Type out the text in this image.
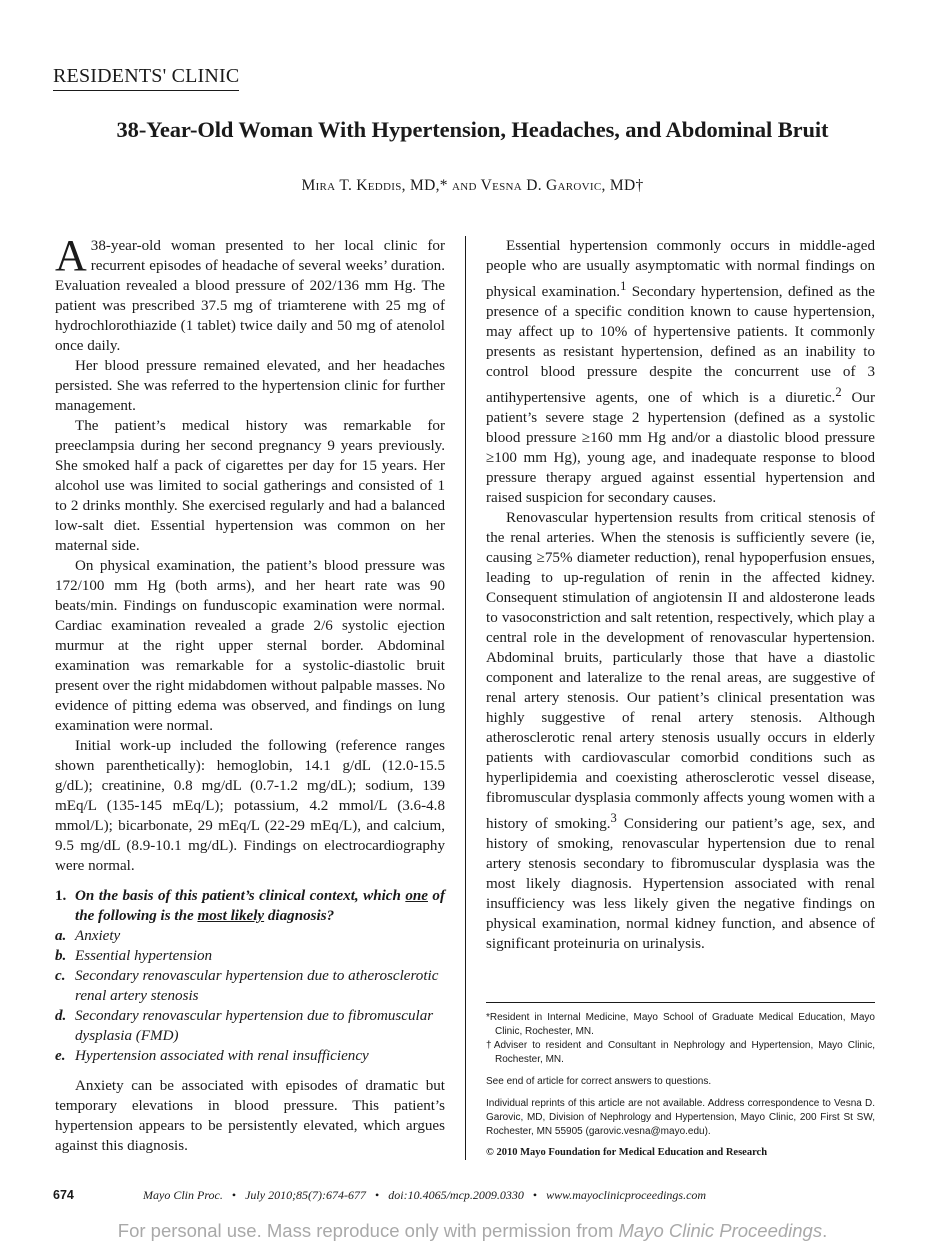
RESIDENTS' CLINIC
38-Year-Old Woman With Hypertension, Headaches, and Abdominal Bruit
Mira T. Keddis, MD,* and Vesna D. Garovic, MD†

A 38-year-old woman presented to her local clinic for recurrent episodes of headache of several weeks’ duration. Evaluation revealed a blood pressure of 202/136 mm Hg. The patient was prescribed 37.5 mg of triamterene with 25 mg of hydrochlorothiazide (1 tablet) twice daily and 50 mg of atenolol once daily.

Her blood pressure remained elevated, and her headaches persisted. She was referred to the hypertension clinic for further management.

The patient’s medical history was remarkable for preeclampsia during her second pregnancy 9 years previously. She smoked half a pack of cigarettes per day for 15 years. Her alcohol use was limited to social gatherings and consisted of 1 to 2 drinks monthly. She exercised regularly and had a balanced low-salt diet. Essential hypertension was common on her maternal side.

On physical examination, the patient’s blood pressure was 172/100 mm Hg (both arms), and her heart rate was 90 beats/min. Findings on funduscopic examination were normal. Cardiac examination revealed a grade 2/6 systolic ejection murmur at the right upper sternal border. Abdominal examination was remarkable for a systolic-diastolic bruit present over the right midabdomen without palpable masses. No evidence of pitting edema was observed, and findings on lung examination were normal.

Initial work-up included the following (reference ranges shown parenthetically): hemoglobin, 14.1 g/dL (12.0-15.5 g/dL); creatinine, 0.8 mg/dL (0.7-1.2 mg/dL); sodium, 139 mEq/L (135-145 mEq/L); potassium, 4.2 mmol/L (3.6-4.8 mmol/L); bicarbonate, 29 mEq/L (22-29 mEq/L), and calcium, 9.5 mg/dL (8.9-10.1 mg/dL). Findings on electrocardiography were normal.

1. On the basis of this patient’s clinical context, which one of the following is the most likely diagnosis?
a. Anxiety
b. Essential hypertension
c. Secondary renovascular hypertension due to atherosclerotic renal artery stenosis
d. Secondary renovascular hypertension due to fibromuscular dysplasia (FMD)
e. Hypertension associated with renal insufficiency

Anxiety can be associated with episodes of dramatic but temporary elevations in blood pressure. This patient’s hypertension appears to be persistently elevated, which argues against this diagnosis.

Essential hypertension commonly occurs in middle-aged people who are usually asymptomatic with normal findings on physical examination.$^1$ Secondary hypertension, defined as the presence of a specific condition known to cause hypertension, may affect up to 10% of hypertensive patients. It commonly presents as resistant hypertension, defined as an inability to control blood pressure despite the concurrent use of 3 antihypertensive agents, one of which is a diuretic.$^2$ Our patient’s severe stage 2 hypertension (defined as a systolic blood pressure ≥160 mm Hg and/or a diastolic blood pressure ≥100 mm Hg), young age, and inadequate response to blood pressure therapy argued against essential hypertension and raised suspicion for secondary causes.

Renovascular hypertension results from critical stenosis of the renal arteries. When the stenosis is sufficiently severe (ie, causing ≥75% diameter reduction), renal hypoperfusion ensues, leading to up-regulation of renin in the affected kidney. Consequent stimulation of angiotensin II and aldosterone leads to vasoconstriction and salt retention, respectively, which play a central role in the development of renovascular hypertension. Abdominal bruits, particularly those that have a diastolic component and lateralize to the renal areas, are suggestive of renal artery stenosis. Our patient’s clinical presentation was highly suggestive of renal artery stenosis. Although atherosclerotic renal artery stenosis usually occurs in elderly patients with cardiovascular comorbid conditions such as hyperlipidemia and coexisting atherosclerotic vessel disease, fibromuscular dysplasia commonly affects young women with a history of smoking.$^3$ Considering our patient’s age, sex, and history of smoking, renovascular hypertension due to renal artery stenosis secondary to fibromuscular dysplasia was the most likely diagnosis. Hypertension associated with renal insufficiency was less likely given the negative findings on physical examination, normal kidney function, and absence of significant proteinuria on urinalysis.

*Resident in Internal Medicine, Mayo School of Graduate Medical Education, Mayo Clinic, Rochester, MN.
†Adviser to resident and Consultant in Nephrology and Hypertension, Mayo Clinic, Rochester, MN.
See end of article for correct answers to questions.
Individual reprints of this article are not available. Address correspondence to Vesna D. Garovic, MD, Division of Nephrology and Hypertension, Mayo Clinic, 200 First St SW, Rochester, MN 55905 (garovic.vesna@mayo.edu).
© 2010 Mayo Foundation for Medical Education and Research
674	Mayo Clin Proc. • July 2010;85(7):674-677 • doi:10.4065/mcp.2009.0330 • www.mayoclinicproceedings.com
For personal use. Mass reproduce only with permission from Mayo Clinic Proceedings.
